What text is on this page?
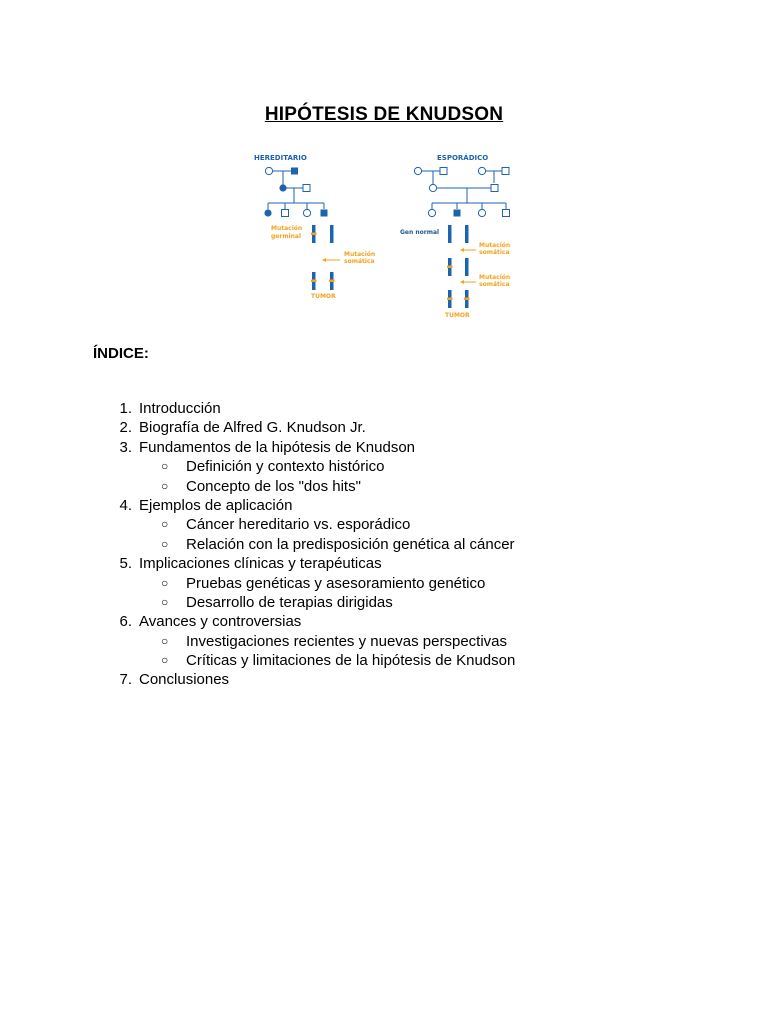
HIPÓTESIS DE KNUDSON
HEREDITARIO
Mutación
germinal
Mutación
somática
TUMOR
ESPORÁDICO
Gen normal
Mutación
somática
Mutación
somática
TUMOR
ÍNDICE:
1. Introducción
2. Biografía de Alfred G. Knudson Jr.
3. Fundamentos de la hipótesis de Knudson
○ Definición y contexto histórico
○ Concepto de los "dos hits"
4. Ejemplos de aplicación
○ Cáncer hereditario vs. esporádico
○ Relación con la predisposición genética al cáncer
5. Implicaciones clínicas y terapéuticas
○ Pruebas genéticas y asesoramiento genético
○ Desarrollo de terapias dirigidas
6. Avances y controversias
○ Investigaciones recientes y nuevas perspectivas
○ Críticas y limitaciones de la hipótesis de Knudson
7. Conclusiones
